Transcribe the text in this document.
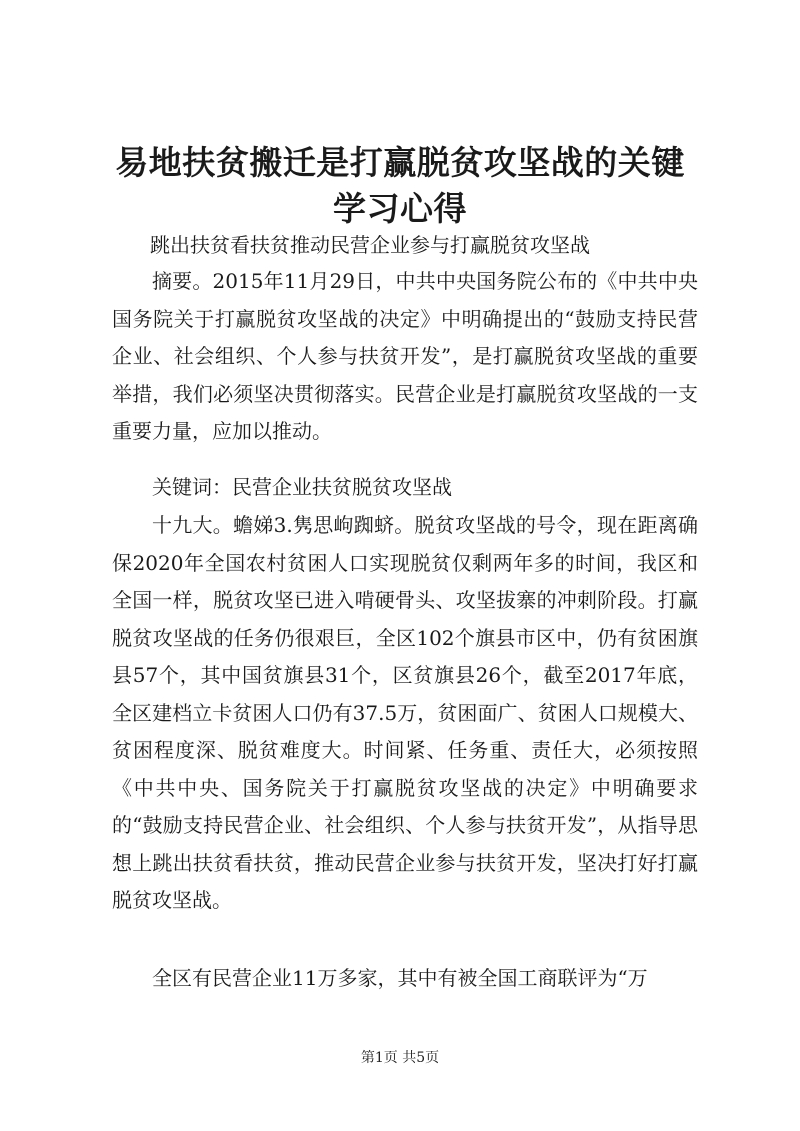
易地扶贫搬迁是打赢脱贫攻坚战的关键学习心得
跳出扶贫看扶贫推动民营企业参与打赢脱贫攻坚战

摘要。2015年11月29日，中共中央国务院公布的《中共中央国务院关于打赢脱贫攻坚战的决定》中明确提出的“鼓励支持民营企业、社会组织、个人参与扶贫开发”，是打赢脱贫攻坚战的重要举措，我们必须坚决贯彻落实。民营企业是打赢脱贫攻坚战的一支重要力量，应加以推动。

关键词：民营企业扶贫脱贫攻坚战

十九大。蟾娣3.隽思岣踟蛴。脱贫攻坚战的号令，现在距离确保2020年全国农村贫困人口实现脱贫仅剩两年多的时间，我区和全国一样，脱贫攻坚已进入啃硬骨头、攻坚拔寨的冲刺阶段。打赢脱贫攻坚战的任务仍很艰巨，全区102个旗县市区中，仍有贫困旗县57个，其中国贫旗县31个，区贫旗县26个，截至2017年底，全区建档立卡贫困人口仍有37.5万，贫困面广、贫困人口规模大、贫困程度深、脱贫难度大。时间紧、任务重、责任大，必须按照《中共中央、国务院关于打赢脱贫攻坚战的决定》中明确要求的“鼓励支持民营企业、社会组织、个人参与扶贫开发”，从指导思想上跳出扶贫看扶贫，推动民营企业参与扶贫开发，坚决打好打赢脱贫攻坚战。

全区有民营企业11万多家，其中有被全国工商联评为“万

第1页 共5页
